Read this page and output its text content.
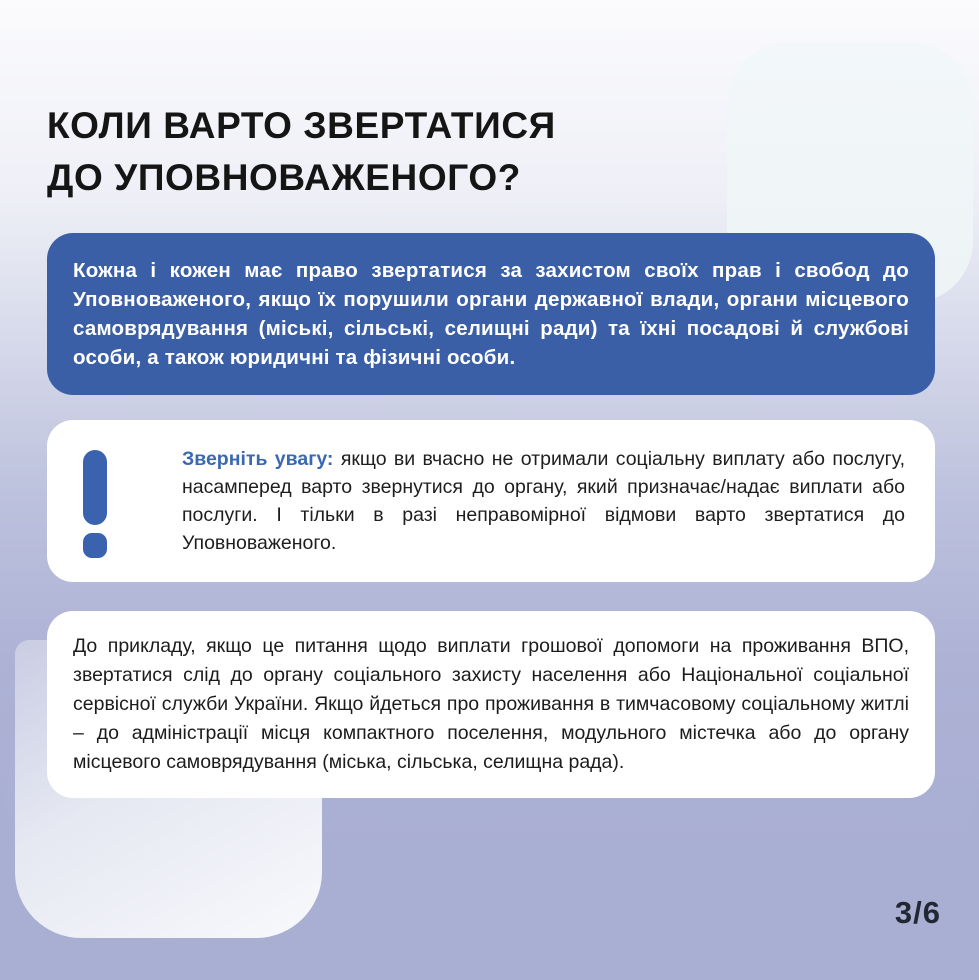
КОЛИ ВАРТО ЗВЕРТАТИСЯ
ДО УПОВНОВАЖЕНОГО?
Кожна і кожен має право звертатися за захистом своїх прав і свобод до Уповноваженого, якщо їх порушили органи державної влади, органи місцевого самоврядування (міські, сільські, селищні ради) та їхні посадові й службові особи, а також юридичні та фізичні особи.
Зверніть увагу: якщо ви вчасно не отримали соціальну виплату або послугу, насамперед варто звернутися до органу, який призначає/надає виплати або послуги. І тільки в разі неправомірної відмови варто звертатися до Уповноваженого.
До прикладу, якщо це питання щодо виплати грошової допомоги на проживання ВПО, звертатися слід до органу соціального захисту населення або Національної соціальної сервісної служби України. Якщо йдеться про проживання в тимчасовому соціальному житлі – до адміністрації місця компактного поселення, модульного містечка або до органу місцевого самоврядування (міська, сільська, селищна рада).
3/6
